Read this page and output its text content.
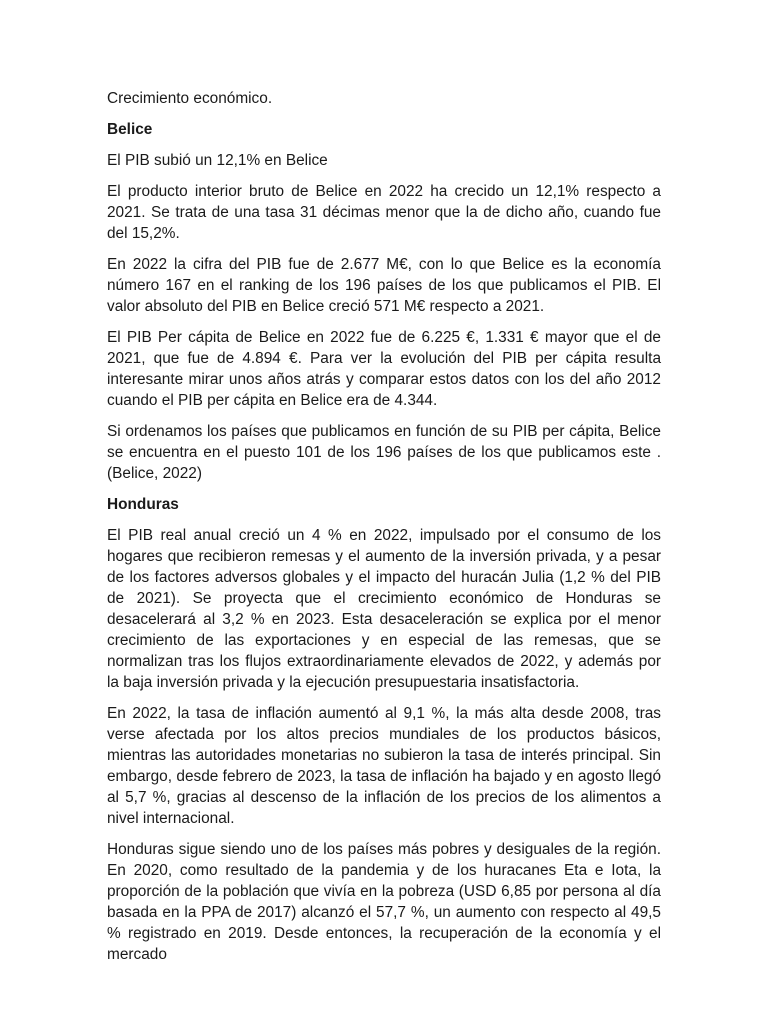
Crecimiento económico.

Belice

El PIB subió un 12,1% en Belice

El producto interior bruto de Belice en 2022 ha crecido un 12,1% respecto a 2021. Se trata de una tasa 31 décimas menor que la de dicho año, cuando fue del 15,2%.

En 2022 la cifra del PIB fue de 2.677 M€, con lo que Belice es la economía número 167 en el ranking de los 196 países de los que publicamos el PIB. El valor absoluto del PIB en Belice creció 571 M€ respecto a 2021.

El PIB Per cápita de Belice en 2022 fue de 6.225 €, 1.331 € mayor que el de 2021, que fue de 4.894 €. Para ver la evolución del PIB per cápita resulta interesante mirar unos años atrás y comparar estos datos con los del año 2012 cuando el PIB per cápita en Belice era de 4.344.

Si ordenamos los países que publicamos en función de su PIB per cápita, Belice se encuentra en el puesto 101 de los 196 países de los que publicamos este . (Belice, 2022)

Honduras

El PIB real anual creció un 4 % en 2022, impulsado por el consumo de los hogares que recibieron remesas y el aumento de la inversión privada, y a pesar de los factores adversos globales y el impacto del huracán Julia (1,2 % del PIB de 2021). Se proyecta que el crecimiento económico de Honduras se desacelerará al 3,2 % en 2023. Esta desaceleración se explica por el menor crecimiento de las exportaciones y en especial de las remesas, que se normalizan tras los flujos extraordinariamente elevados de 2022, y además por la baja inversión privada y la ejecución presupuestaria insatisfactoria.

En 2022, la tasa de inflación aumentó al 9,1 %, la más alta desde 2008, tras verse afectada por los altos precios mundiales de los productos básicos, mientras las autoridades monetarias no subieron la tasa de interés principal. Sin embargo, desde febrero de 2023, la tasa de inflación ha bajado y en agosto llegó al 5,7 %, gracias al descenso de la inflación de los precios de los alimentos a nivel internacional.

Honduras sigue siendo uno de los países más pobres y desiguales de la región. En 2020, como resultado de la pandemia y de los huracanes Eta e Iota, la proporción de la población que vivía en la pobreza (USD 6,85 por persona al día basada en la PPA de 2017) alcanzó el 57,7 %, un aumento con respecto al 49,5 % registrado en 2019. Desde entonces, la recuperación de la economía y el mercado
